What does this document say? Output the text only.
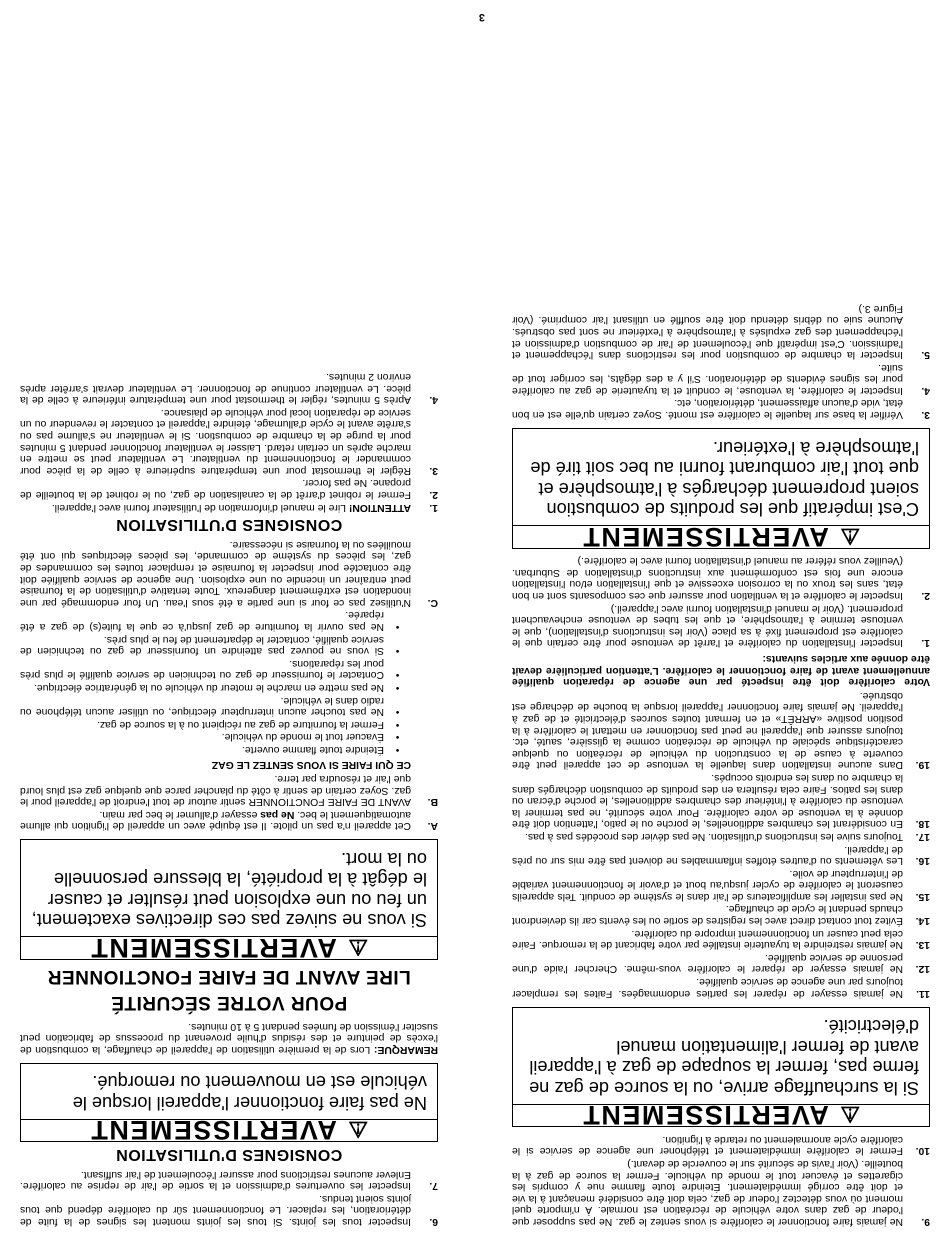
9.
Ne jamais faire fonctionner le calorifère si vous sentez le gaz. Ne pas supposer que l'odeur de gaz dans votre véhicule de récréation est normale. À n'importe quel moment où vous détectez l'odeur de gaz, cela doit être considéré menaçant à la vie et doit être corrigé immédiatement. Éteindre toute flamme nue y compris les cigarettes et évacuer tout le monde du véhicule. Fermer la source de gaz à la bouteille. (Voir l'avis de sécurité sur le couvercle de devant.)
10.
Fermer le calorifère immédiatement et téléphoner une agence de service si le calorifère cycle anormalement ou retarde à l'ignition.
⚠
AVERTISSEMENT
Si la surchauffage arrive, ou la source de gaz ne ferme pas, fermer la soupape de gaz à l'appareil avant de fermer l'alimentation manuel d'électricité.
11.
Ne jamais essayer de réparer les parties endommagées. Faites les remplacer toujours par une agence de service qualifiée.
12.
Ne jamais essayer de réparer le calorifère vous-même. Chercher l'aide d'une personne de service qualifiée.
13.
Ne jamais restreindre la tuyauterie installée par votre fabricant de la remorque. Faire cela peut causer un fonctionnement impropre du calorifère.
14.
Évitez tout contact direct avec les registres de sortie ou les évents car ils deviendront chauds pendant le cycle de chauffage.
15.
Ne pas installer les amplificateurs de l'air dans le système de conduit. Tels appareils causeront le calorifère de cycler jusqu'au bout et d'avoir le fonctionnement variable de l'interrupteur de voile.
16.
Les vêtements ou d'autres étoffes inflammables ne doivent pas être mis sur ou près de l'appareil.
17.
Toujours suive les instructions d'utilisation. Ne pas dévier des procédés pas à pas.
18.
En considérant les chambres additionelles, le porche ou le patio, l'attention doit être donnée à la ventouse de votre calorifère. Pour votre sécurité, ne pas terminer la ventouse du calorifère à l'intérieur des chambres additionelles, le porche d'écran ou dans les patios. Faire cela résultera en des produits de combustion déchargés dans la chambre ou dans les endroits occupés.
19.
Dans aucune installation dans laquelle la ventouse de cet appareil peut être couverte à cause de la construction du véhicule de récréation ou quelque caractéristique spéciale du véhicule de récréation comme la glissière, sauté, etc. toujours assurer que l'appareil ne peut pas fonctionner en mettant le calorifère à la position positive «ARRÊT» et en fermant toutes sources d'électricité et de gaz à l'appareil. Ne jamais faire fonctionner l'appareil lorsque la bouche de décharge est obstruée.
Votre calorifère doit être inspecté par une agence de réparation qualifiée annuellement avant de faire fonctionner le calorifère. L'attention particulière devait être donnée aux articles suivants:
1.
Inspecter l'installation du calorifère et l'arrêt de ventouse pour être certain que le calorifère est proprement fixé à sa place (Voir les instructions d'installation), que le ventouse termine à l'atmosphère, et que les tubes de ventouse enchevauchent proprement. (Voir le manuel d'installation fourni avec l'appareil.)
2.
Inspecter le calorifère et la ventilation pour assurer que ces composants sont en bon état, sans les troux ou la corrosion excessive et que l'installation et/ou l'installation encore une fois est conformément aux instructions d'installation de Suburban. (Veuillez vous référer au manuel d'installation fourni avec le calorifère.)
⚠
AVERTISSEMENT
C'est impératif que les produits de combustion soient proprement déchargés à l'atmosphère et que tout l'air comburant fourni au bec soit tiré de l'atmosphère à l'extérieur.
3.
Vérifier la base sur laquelle le calorifère est monté. Soyez certain qu'elle est en bon état, vide d'aucun affaissement, détérioration, etc.
4.
Inspecter le calorifère, la ventouse, le conduit et la tuyauterie de gaz au calorifère pour les signes évidents de détérioration. S'il y a des dégâts, les corriger tout de suite.
5.
Inspecter la chambre de combustion pour les restrictions dans l'échappement et l'admission. C'est impératif que l'écoulement de l'air de combustion d'admission et l'échappement des gaz expulsés à l'atmosphère à l'extérieur ne sont pas obstrués. Aucune suie ou débris détendu doit être soufflé en utilisant l'air comprimé. (Voir Figure 3.)
6.
Inspecter tous les joints. Si tous les joints montent les signes de la fuite de détérioration, les replacer. Le fonctionnement sûr du calorifère dépend que tous joints soient tendus.
7.
Inspecter les ouvertures d'admission et la sortie de l'air de reprise au calorifère. Enlever aucunes restrictions pour assurer l'écoulement de l'air suffisant.
CONSIGNES D'UTILISATION
⚠
AVERTISSEMENT
Ne pas faire fonctionner l'appareil lorsque le véhicule est en mouvement ou remorqué.
REMARQUE: Lors de la première utilisation de l'appareil de chauffage, la combustion de l'excès de peinture et des résidus d'huile provenant du processus de fabrication peut susciter l'émission de fumées pendant 5 à 10 minutes.
POUR VOTRE SÉCURITÉ
LIRE AVANT DE FAIRE FONCTIONNER
⚠
AVERTISSEMENT
Si vous ne suivez pas ces directives exactement, un feu ou une explosion peut résulter et causer le dégât à la propriété, la blessure personnelle ou la mort.
A.
Cet appareil n'a pas un pilote. Il est équipé avec un appareil de l'ignition qui allume automatiquement le bec. Ne pas essayer d'allumer le bec par main.
B.
AVANT DE FAIRE FONCTIONNER sentir autour de tout l'endroit de l'appareil pour le gaz. Soyez certain de sentir à côté du plancher parce que quelque gaz est plus lourd que l'air et résoudra par terre.
CE QUI FAIRE SI VOUS SENTEZ LE GAZ
•
Éteindre toute flamme ouverte.
•
Évacuer tout le monde du véhicule.
•
Fermer la fourniture de gaz au récipient ou à la source de gaz.
•
Ne pas toucher aucun interrupteur électrique, ou utiliser aucun téléphone ou radio dans le véhicule.
•
Ne pas mettre en marche le moteur du véhicule ou la génératrice électrique.
•
Contacter le fournisseur de gaz ou technicien de service qualifié le plus près pour les réparations.
•
Si vous ne pouvez pas atteindre un fournisseur de gaz ou technicien de service qualifié, contacter le département de feu le plus près.
•
Ne pas ouvrir la fourniture de gaz jusqu'à ce que la fuite(s) de gaz a été réparée.
C.
N'utilisez pas ce four si une partie a été sous l'eau. Un four endommagé par une inondation est extrêmement dangereux. Toute tentative d'utilisation de la fournaise peut entraîner un incendie ou une explosion. Une agence de service qualifiée doit être contactée pour inspecter la fournaise et remplacer toutes les commandes de gaz, les pièces du système de commande, les pièces électriques qui ont été mouillées ou la fournaise si nécessaire.
CONSIGNES D'UTILISATION
1.
ATTENTION! Lire le manuel d'information de l'utilisateur fourni avec l'appareil.
2.
Fermer le robinet d'arrêt de la canalisation de gaz, ou le robinet de la bouteille de propane. Ne pas forcer.
3.
Régler le thermostat pour une température supérieure à celle de la pièce pour commander le fonctionnement du ventilateur. Le ventilateur peut se mettre en marche après un certain retard. Laisser le ventilateur fonctionner pendant 5 minutes pour la purge de la chambre de combustion. Si le ventilateur ne s'allume pas ou s'arrête avant le cycle d'allumage, éteindre l'appareil et contacter le revendeur ou un service de réparation local pour véhicule de plaisance.
4.
Après 5 minutes, régler le thermostat pour une température inférieure à celle de la pièce. Le ventilateur continue de fonctionner. Le ventilateur devrait s'arrêter après environ 2 minutes.
3
